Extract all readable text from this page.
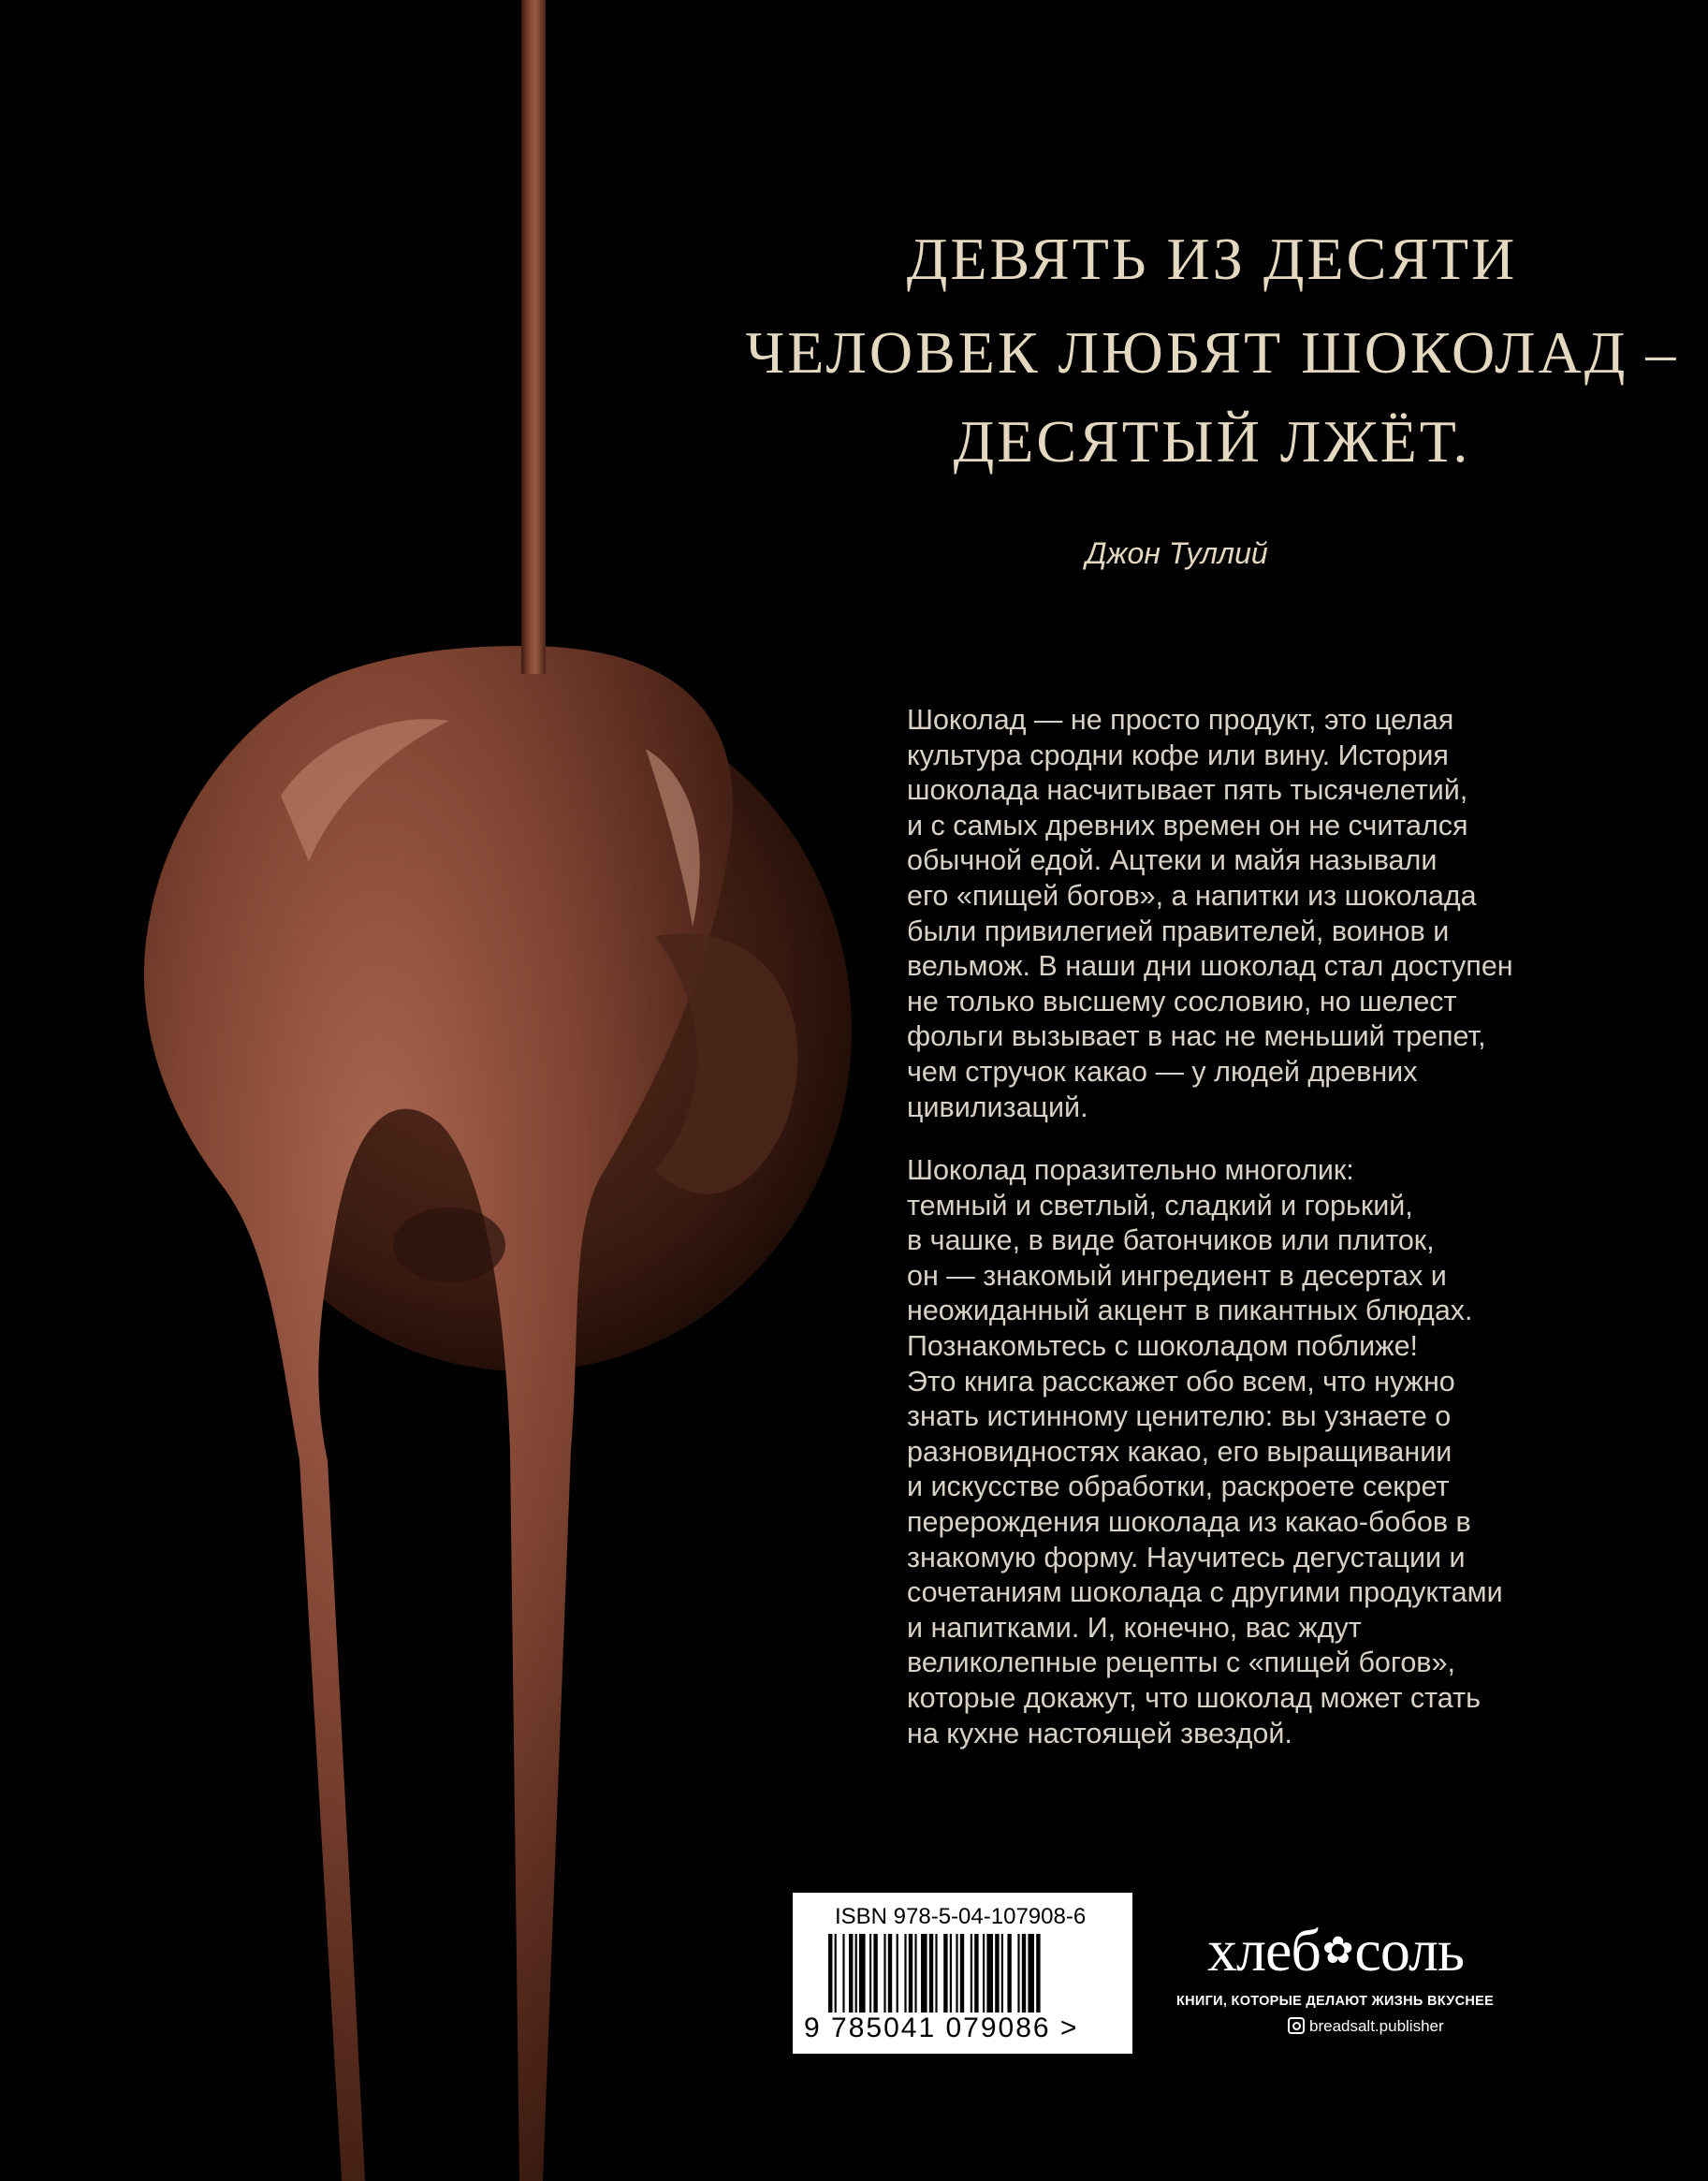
ДЕВЯТЬ ИЗ ДЕСЯТИ
ЧЕЛОВЕК ЛЮБЯТ ШОКОЛАД –
ДЕСЯТЫЙ ЛЖЁТ.
Джон Туллий
Шоколад — не просто продукт, это целая
культура сродни кофе или вину. История
шоколада насчитывает пять тысячелетий,
и с самых древних времен он не считался
обычной едой. Ацтеки и майя называли
его «пищей богов», а напитки из шоколада
были привилегией правителей, воинов и
вельмож. В наши дни шоколад стал доступен
не только высшему сословию, но шелест
фольги вызывает в нас не меньший трепет,
чем стручок какао — у людей древних
цивилизаций.
Шоколад поразительно многолик:
темный и светлый, сладкий и горький,
в чашке, в виде батончиков или плиток,
он — знакомый ингредиент в десертах и
неожиданный акцент в пикантных блюдах.
Познакомьтесь с шоколадом поближе!
Это книга расскажет обо всем, что нужно
знать истинному ценителю: вы узнаете о
разновидностях какао, его выращивании
и искусстве обработки, раскроете секрет
перерождения шоколада из какао-бобов в
знакомую форму. Научитесь дегустации и
сочетаниям шоколада с другими продуктами
и напитками. И, конечно, вас ждут
великолепные рецепты с «пищей богов»,
которые докажут, что шоколад может стать
на кухне настоящей звездой.
ISBN 978-5-04-107908-6
9 785041 079086 >
хлеб✿соль
КНИГИ, КОТОРЫЕ ДЕЛАЮТ ЖИЗНЬ ВКУСНЕЕ
breadsalt.publisher
